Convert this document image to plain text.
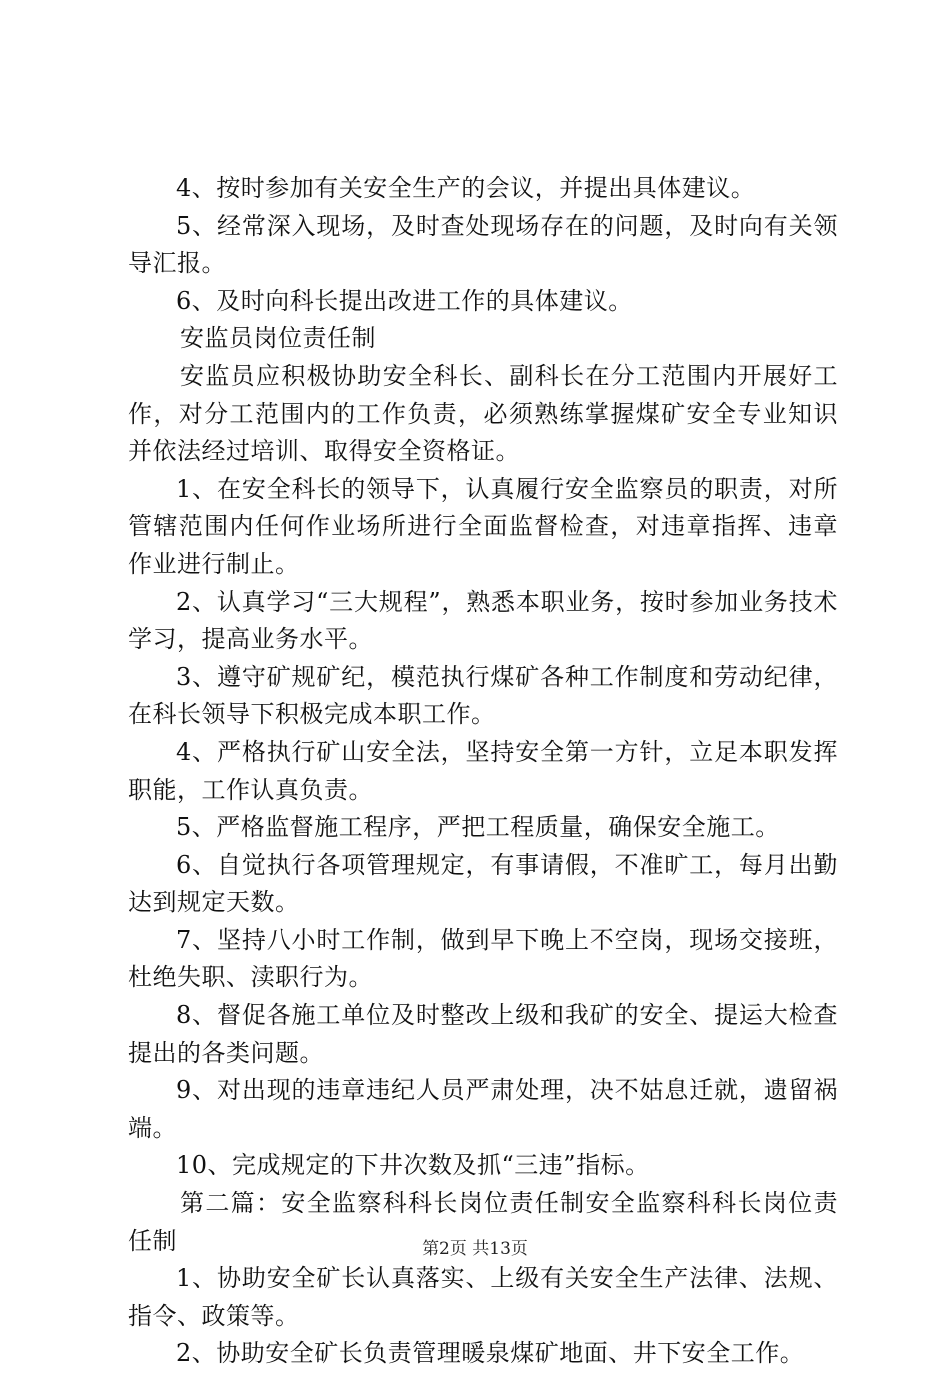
4、按时参加有关安全生产的会议，并提出具体建议。

5、经常深入现场，及时查处现场存在的问题，及时向有关领导汇报。

6、及时向科长提出改进工作的具体建议。

安监员岗位责任制

安监员应积极协助安全科长、副科长在分工范围内开展好工作，对分工范围内的工作负责，必须熟练掌握煤矿安全专业知识并依法经过培训、取得安全资格证。

1、在安全科长的领导下，认真履行安全监察员的职责，对所管辖范围内任何作业场所进行全面监督检查，对违章指挥、违章作业进行制止。

2、认真学习“三大规程”，熟悉本职业务，按时参加业务技术学习，提高业务水平。

3、遵守矿规矿纪，模范执行煤矿各种工作制度和劳动纪律，在科长领导下积极完成本职工作。

4、严格执行矿山安全法，坚持安全第一方针，立足本职发挥职能，工作认真负责。

5、严格监督施工程序，严把工程质量，确保安全施工。

6、自觉执行各项管理规定，有事请假，不准旷工，每月出勤达到规定天数。

7、坚持八小时工作制，做到早下晚上不空岗，现场交接班，杜绝失职、渎职行为。

8、督促各施工单位及时整改上级和我矿的安全、提运大检查提出的各类问题。

9、对出现的违章违纪人员严肃处理，决不姑息迁就，遗留祸端。

10、完成规定的下井次数及抓“三违”指标。

第二篇：安全监察科科长岗位责任制安全监察科科长岗位责任制

1、协助安全矿长认真落实、上级有关安全生产法律、法规、指令、政策等。

2、协助安全矿长负责管理暖泉煤矿地面、井下安全工作。

第2页 共13页
